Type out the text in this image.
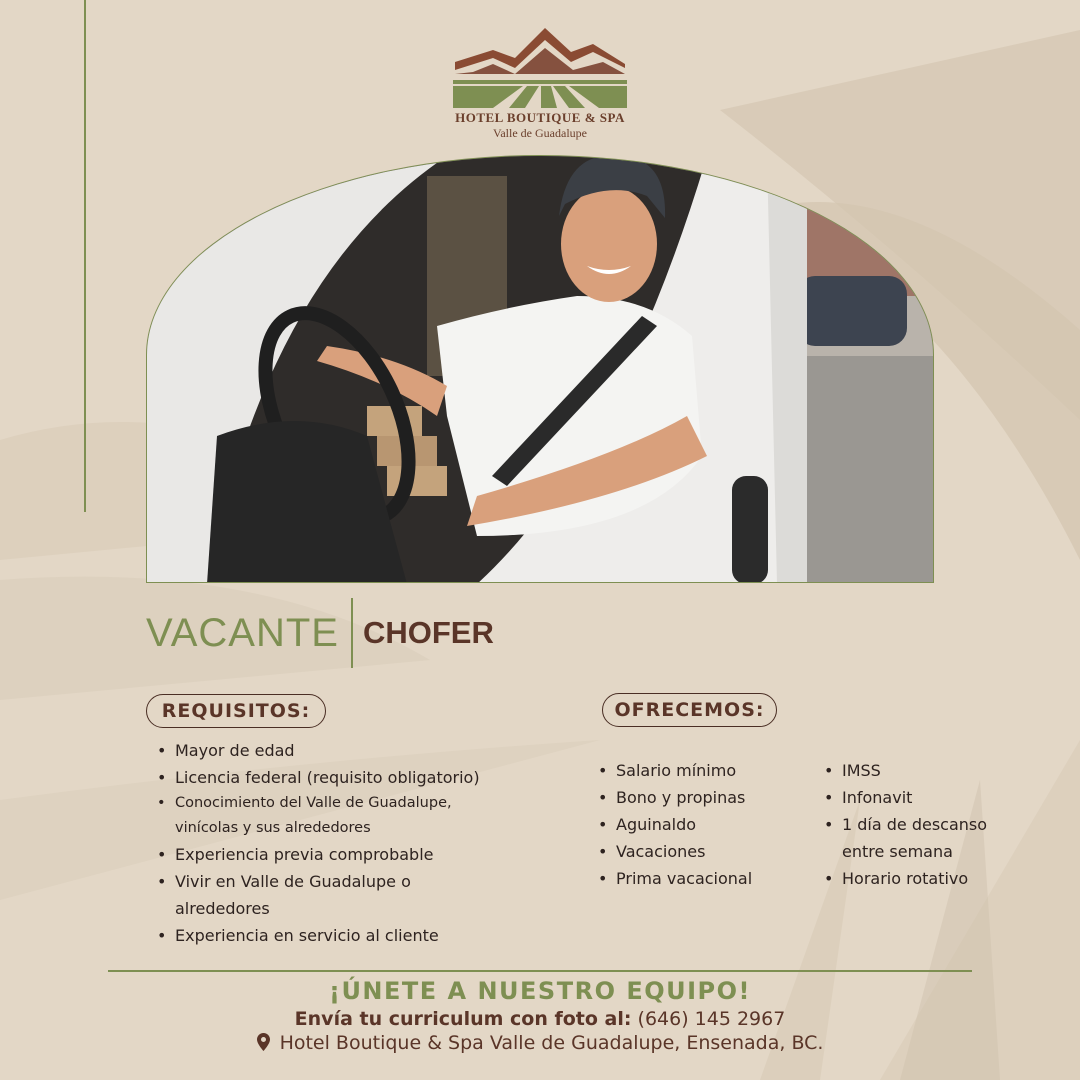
HOTEL BOUTIQUE & SPA
Valle de Guadalupe
VACANTE CHOFER
REQUISITOS:
• Mayor de edad
• Licencia federal (requisito obligatorio)
• Conocimiento del Valle de Guadalupe,
vinícolas y sus alrededores
• Experiencia previa comprobable
• Vivir en Valle de Guadalupe o
alrededores
• Experiencia en servicio al cliente
OFRECEMOS:
• Salario mínimo
• Bono y propinas
• Aguinaldo
• Vacaciones
• Prima vacacional
• IMSS
• Infonavit
• 1 día de descanso
entre semana
• Horario rotativo
¡ÚNETE A NUESTRO EQUIPO!
Envía tu curriculum con foto al: (646) 145 2967
Hotel Boutique & Spa Valle de Guadalupe, Ensenada, BC.
